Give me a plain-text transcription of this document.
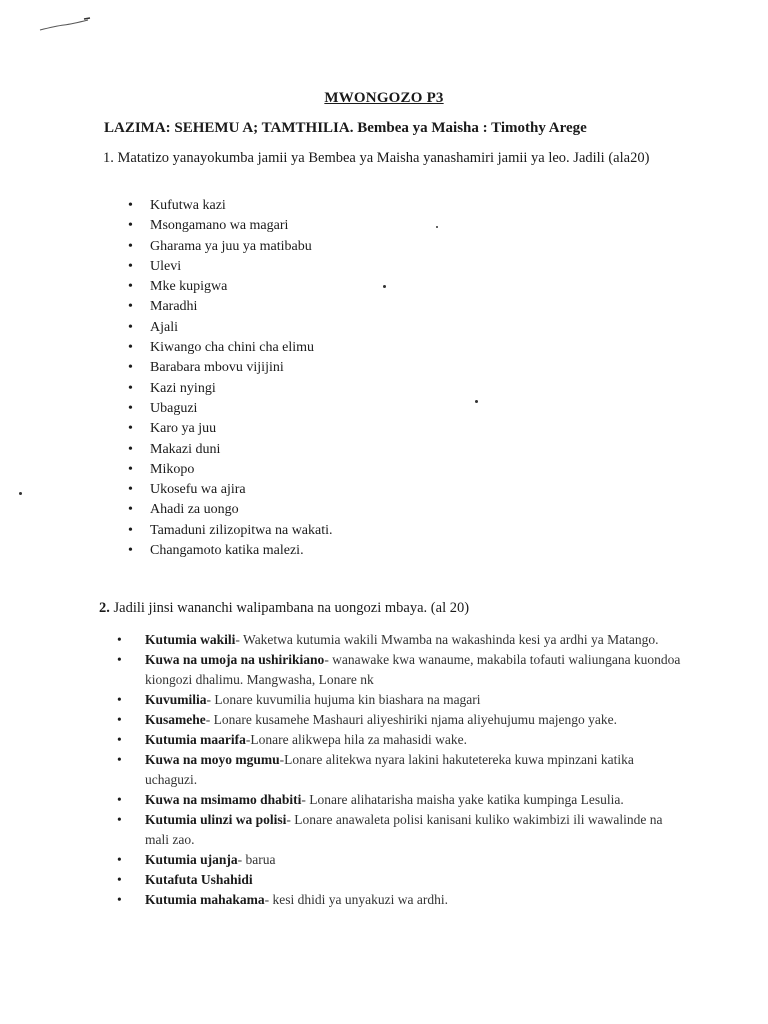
MWONGOZO P3
LAZIMA: SEHEMU A; TAMTHILIA. Bembea ya Maisha : Timothy Arege
1. Matatizo yanayokumba jamii ya Bembea ya Maisha yanashamiri jamii ya leo. Jadili (ala20)
• Kufutwa kazi
• Msongamano wa magari
• Gharama ya juu ya matibabu
• Ulevi
• Mke kupigwa
• Maradhi
• Ajali
• Kiwango cha chini cha elimu
• Barabara mbovu vijijini
• Kazi nyingi
• Ubaguzi
• Karo ya juu
• Makazi duni
• Mikopo
• Ukosefu wa ajira
• Ahadi za uongo
• Tamaduni zilizopitwa na wakati.
• Changamoto katika malezi.
2. Jadili jinsi wananchi walipambana na uongozi mbaya. (al 20)
• Kutumia wakili- Waketwa kutumia wakili Mwamba na wakashinda kesi ya ardhi ya Matango.
• Kuwa na umoja na ushirikiano- wanawake kwa wanaume, makabila tofauti waliungana kuondoa kiongozi dhalimu. Mangwasha, Lonare nk
• Kuvumilia- Lonare kuvumilia hujuma kin biashara na magari
• Kusamehe- Lonare kusamehe Mashauri aliyeshiriki njama aliyehujumu majengo yake.
• Kutumia maarifa-Lonare alikwepa hila za mahasidi wake.
• Kuwa na moyo mgumu-Lonare alitekwa nyara lakini hakutetereka kuwa mpinzani katika uchaguzi.
• Kuwa na msimamo dhabiti- Lonare alihatarisha maisha yake katika kumpinga Lesulia.
• Kutumia ulinzi wa polisi- Lonare anawaleta polisi kanisani kuliko wakimbizi ili wawalinde na mali zao.
• Kutumia ujanja- barua
• Kutafuta Ushahidi
• Kutumia mahakama- kesi dhidi ya unyakuzi wa ardhi.
